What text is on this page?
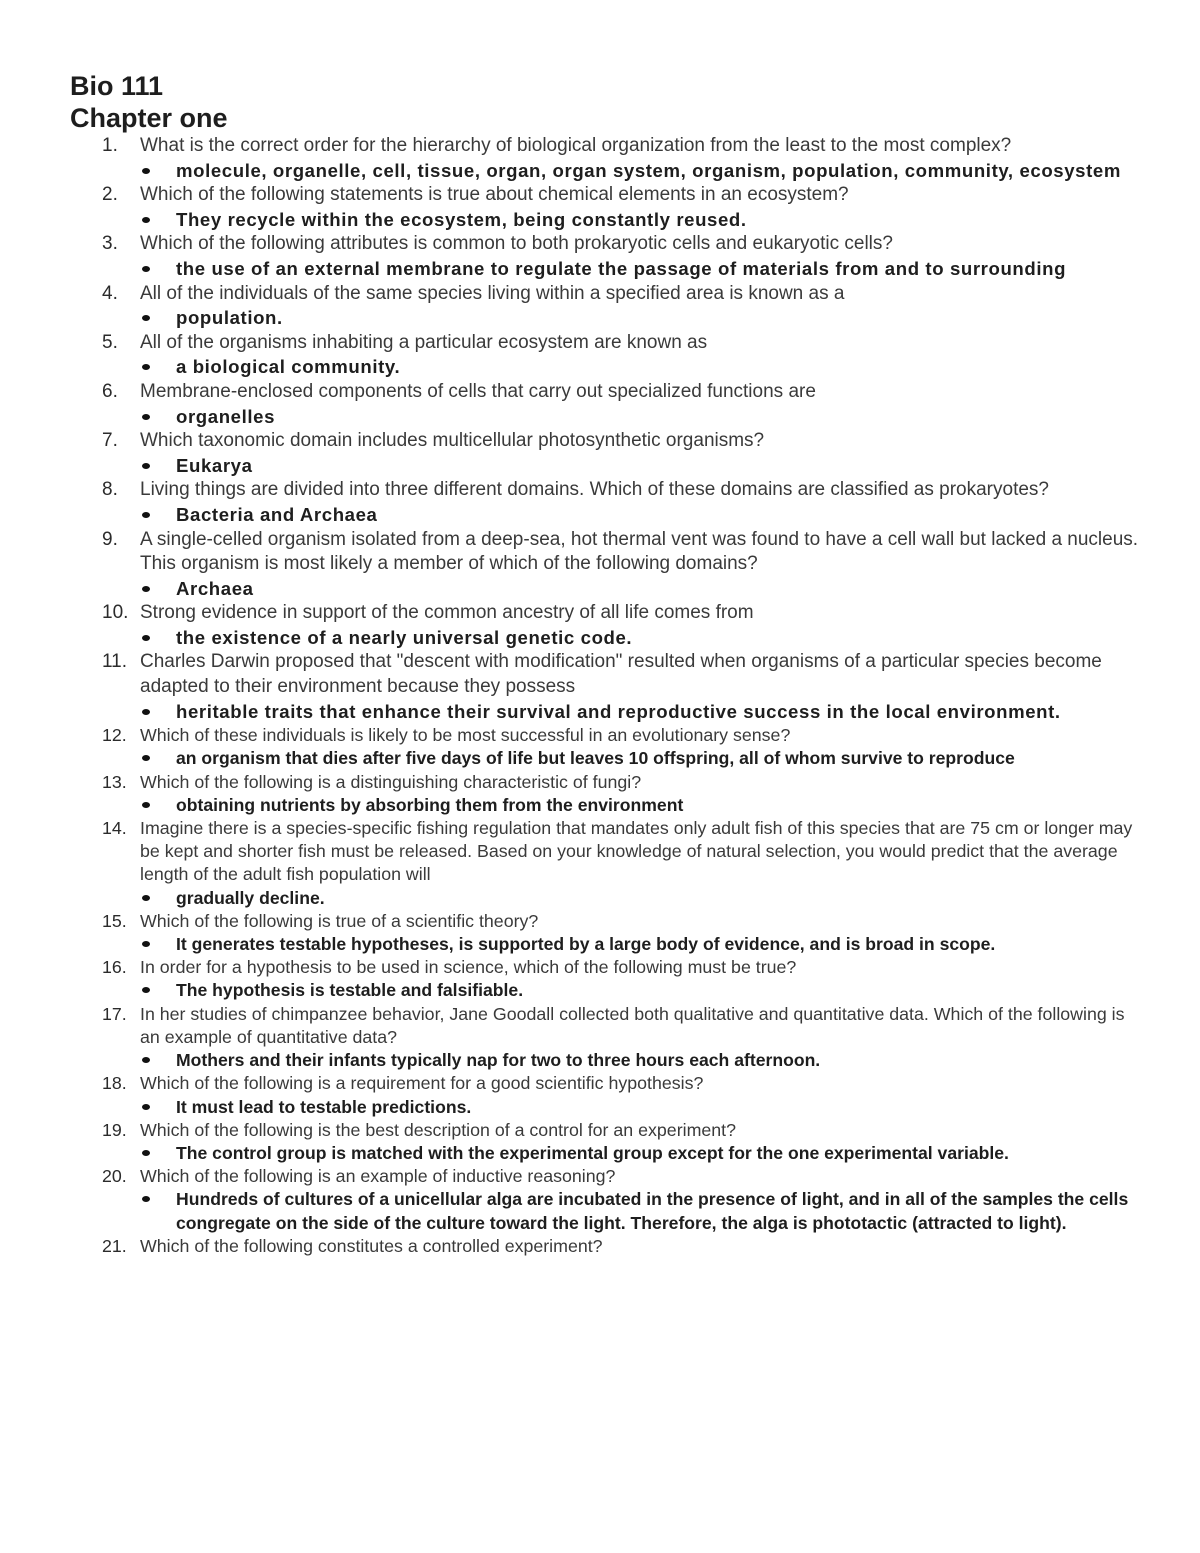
Bio 111
Chapter one
1. What is the correct order for the hierarchy of biological organization from the least to the most complex?
molecule, organelle, cell, tissue, organ, organ system, organism, population, community, ecosystem
2. Which of the following statements is true about chemical elements in an ecosystem?
They recycle within the ecosystem, being constantly reused.
3. Which of the following attributes is common to both prokaryotic cells and eukaryotic cells?
the use of an external membrane to regulate the passage of materials from and to surrounding
4. All of the individuals of the same species living within a specified area is known as a
population.
5. All of the organisms inhabiting a particular ecosystem are known as
a biological community.
6. Membrane-enclosed components of cells that carry out specialized functions are
organelles
7. Which taxonomic domain includes multicellular photosynthetic organisms?
Eukarya
8. Living things are divided into three different domains. Which of these domains are classified as prokaryotes?
Bacteria and Archaea
9. A single-celled organism isolated from a deep-sea, hot thermal vent was found to have a cell wall but lacked a nucleus. This organism is most likely a member of which of the following domains?
Archaea
10. Strong evidence in support of the common ancestry of all life comes from
the existence of a nearly universal genetic code.
11. Charles Darwin proposed that "descent with modification" resulted when organisms of a particular species become adapted to their environment because they possess
heritable traits that enhance their survival and reproductive success in the local environment.
12. Which of these individuals is likely to be most successful in an evolutionary sense?
an organism that dies after five days of life but leaves 10 offspring, all of whom survive to reproduce
13. Which of the following is a distinguishing characteristic of fungi?
obtaining nutrients by absorbing them from the environment
14. Imagine there is a species-specific fishing regulation that mandates only adult fish of this species that are 75 cm or longer may be kept and shorter fish must be released. Based on your knowledge of natural selection, you would predict that the average length of the adult fish population will
gradually decline.
15. Which of the following is true of a scientific theory?
It generates testable hypotheses, is supported by a large body of evidence, and is broad in scope.
16. In order for a hypothesis to be used in science, which of the following must be true?
The hypothesis is testable and falsifiable.
17. In her studies of chimpanzee behavior, Jane Goodall collected both qualitative and quantitative data. Which of the following is an example of quantitative data?
Mothers and their infants typically nap for two to three hours each afternoon.
18. Which of the following is a requirement for a good scientific hypothesis?
It must lead to testable predictions.
19. Which of the following is the best description of a control for an experiment?
The control group is matched with the experimental group except for the one experimental variable.
20. Which of the following is an example of inductive reasoning?
Hundreds of cultures of a unicellular alga are incubated in the presence of light, and in all of the samples the cells congregate on the side of the culture toward the light. Therefore, the alga is phototactic (attracted to light).
21. Which of the following constitutes a controlled experiment?
